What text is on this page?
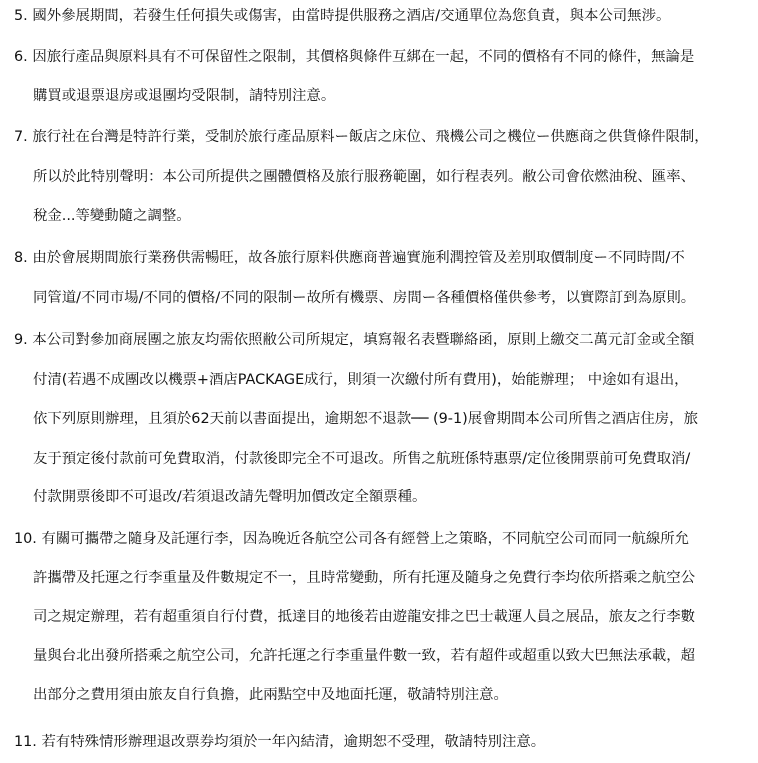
5. 國外參展期間，若發生任何損失或傷害，由當時提供服務之酒店/交通單位為您負責，與本公司無涉。
6. 因旅行產品與原料具有不可保留性之限制，其價格與條件互綁在一起，不同的價格有不同的條件，無論是
購買或退票退房或退團均受限制，請特別注意。
7. 旅行社在台灣是特許行業，受制於旅行產品原料ー飯店之床位、飛機公司之機位ー供應商之供貨條件限制，
所以於此特別聲明：本公司所提供之團體價格及旅行服務範圍，如行程表列。敝公司會依燃油稅、匯率、
稅金...等變動隨之調整。
8. 由於會展期間旅行業務供需暢旺，故各旅行原料供應商普遍實施利潤控管及差別取價制度ー不同時間/不
同管道/不同市場/不同的價格/不同的限制ー故所有機票、房間ー各種價格僅供參考，以實際訂到為原則。
9. 本公司對參加商展團之旅友均需依照敝公司所規定，填寫報名表暨聯絡函，原則上繳交二萬元訂金或全額
付清(若遇不成團改以機票+酒店PACKAGE成行，則須一次繳付所有費用)，始能辦理； 中途如有退出，
依下列原則辦理，且須於62天前以書面提出，逾期恕不退款── (9-1)展會期間本公司所售之酒店住房，旅
友于預定後付款前可免費取消，付款後即完全不可退改。所售之航班係特惠票/定位後開票前可免費取消/
付款開票後即不可退改/若須退改請先聲明加價改定全額票種。
10. 有關可攜帶之隨身及託運行李，因為晚近各航空公司各有經營上之策略，不同航空公司而同一航線所允
許攜帶及托運之行李重量及件數規定不一，且時常變動，所有托運及隨身之免費行李均依所搭乘之航空公
司之規定辦理，若有超重須自行付費，抵達目的地後若由遊龍安排之巴士載運人員之展品，旅友之行李數
量與台北出發所搭乘之航空公司，允許托運之行李重量件數一致，若有超件或超重以致大巴無法承載，超
出部分之費用須由旅友自行負擔，此兩點空中及地面托運，敬請特別注意。
11. 若有特殊情形辦理退改票券均須於一年內結清，逾期恕不受理，敬請特別注意。
